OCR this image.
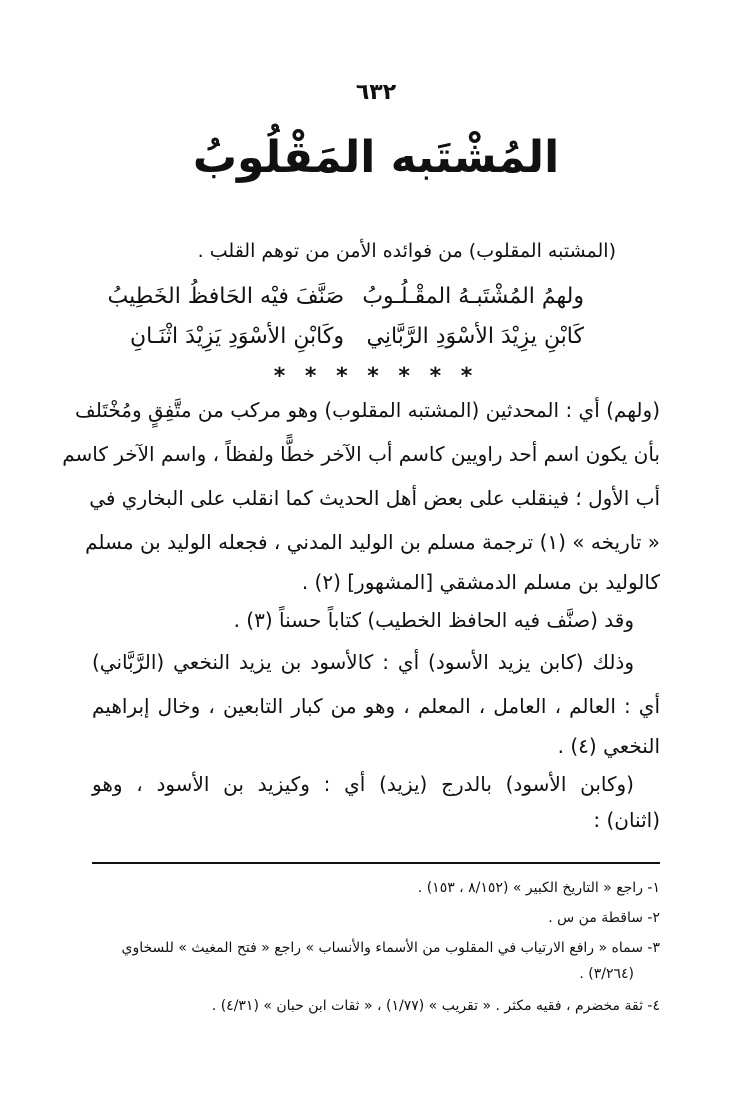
٦٣٢
المُشْتَبه المَقْلُوبُ
(المشتبه المقلوب) من فوائده الأمن من توهم القلب .
ولهمُ المُشْتَبـهُ المقْـلُـوبُ
صَنَّفَ فيْه الحَافظُ الخَطِيبُ
كَابْنِ يزِيْدَ الأسْوَدِ الرَّبَّانِي
وكَابْنِ الأسْوَدِ يَزِيْدَ اثْنَـانِ
* * * * * * *
(ولهم) أي : المحدثين (المشتبه المقلوب) وهو مركب من متَّفِقٍ ومُخْتَلف
بأن يكون اسم أحد راويين كاسم أب الآخر خطًّا ولفظاً ، واسم الآخر كاسم
أب الأول ؛ فينقلب على بعض أهل الحديث كما انقلب على البخاري في
« تاريخه » (١) ترجمة مسلم بن الوليد المدني ، فجعله الوليد بن مسلم
كالوليد بن مسلم الدمشقي [المشهور] (٢) .
وقد (صنَّف فيه الحافظ الخطيب) كتاباً حسناً (٣) .
وذلك (كابن يزيد الأسود) أي : كالأسود بن يزيد النخعي (الرَّبَّاني)
أي : العالم ، العامل ، المعلم ، وهو من كبار التابعين ، وخال إبراهيم
النخعي (٤) .
(وكابن الأسود) بالدرج (يزيد) أي : وكيزيد بن الأسود ، وهو
(اثنان) :
١- راجع « التاريخ الكبير » (٨/١٥٢ ، ١٥٣) .
٢- ساقطة من س .
٣- سماه « رافع الارتياب في المقلوب من الأسماء والأنساب » راجع « فتح المغيث » للسخاوي
(٣/٢٦٤) .
٤- ثقة مخضرم ، فقيه مكثر . « تقريب » (١/٧٧) ، « ثقات ابن حبان » (٤/٣١) .
